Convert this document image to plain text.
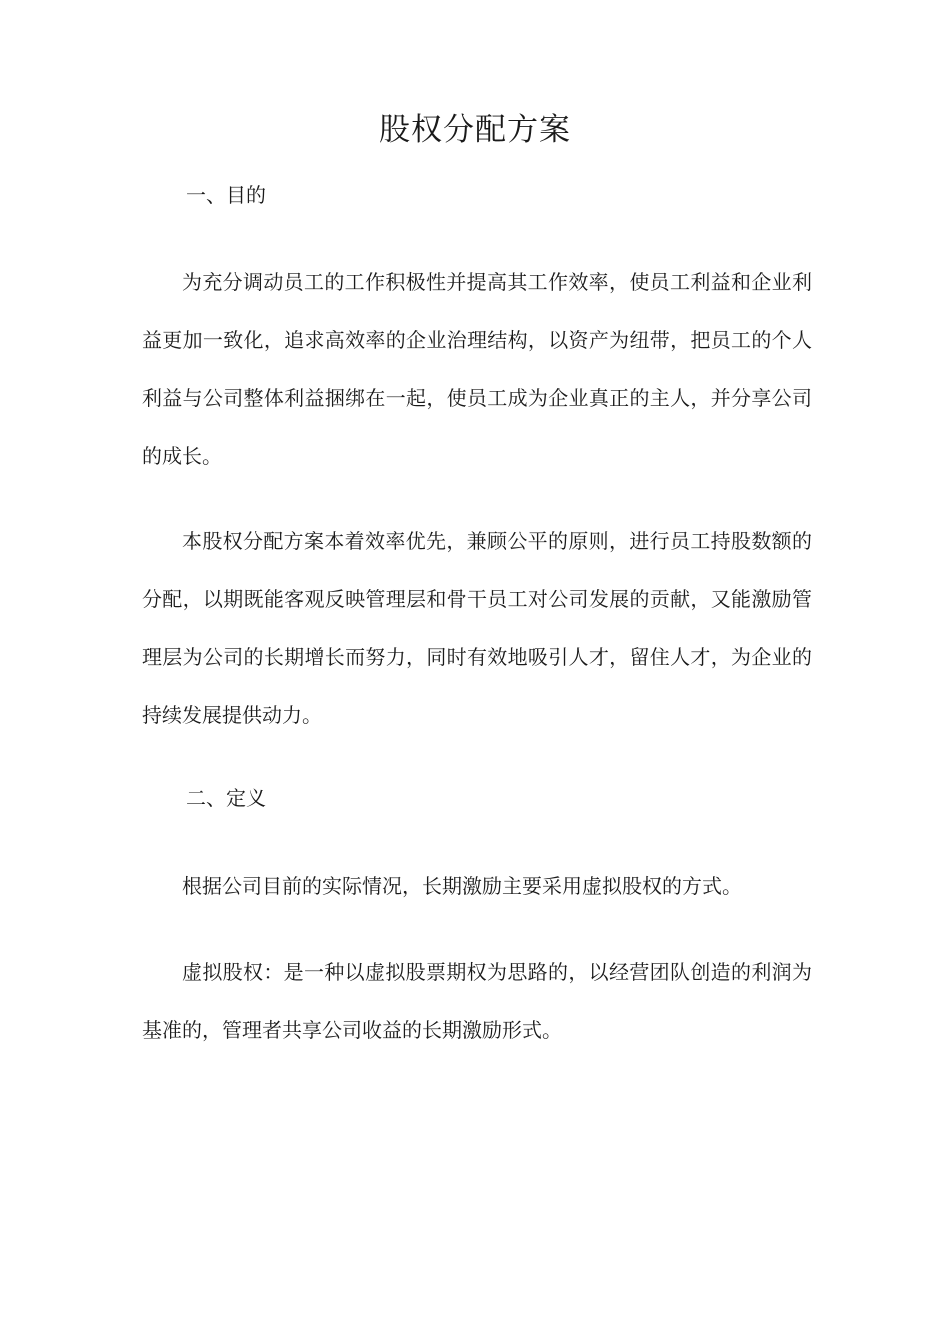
股权分配方案
一、目的

为充分调动员工的工作积极性并提高其工作效率，使员工利益和企业利益更加一致化，追求高效率的企业治理结构，以资产为纽带，把员工的个人利益与公司整体利益捆绑在一起，使员工成为企业真正的主人，并分享公司的成长。

本股权分配方案本着效率优先，兼顾公平的原则，进行员工持股数额的分配，以期既能客观反映管理层和骨干员工对公司发展的贡献，又能激励管理层为公司的长期增长而努力，同时有效地吸引人才，留住人才，为企业的持续发展提供动力。

二、定义

根据公司目前的实际情况，长期激励主要采用虚拟股权的方式。

虚拟股权：是一种以虚拟股票期权为思路的，以经营团队创造的利润为基准的，管理者共享公司收益的长期激励形式。
